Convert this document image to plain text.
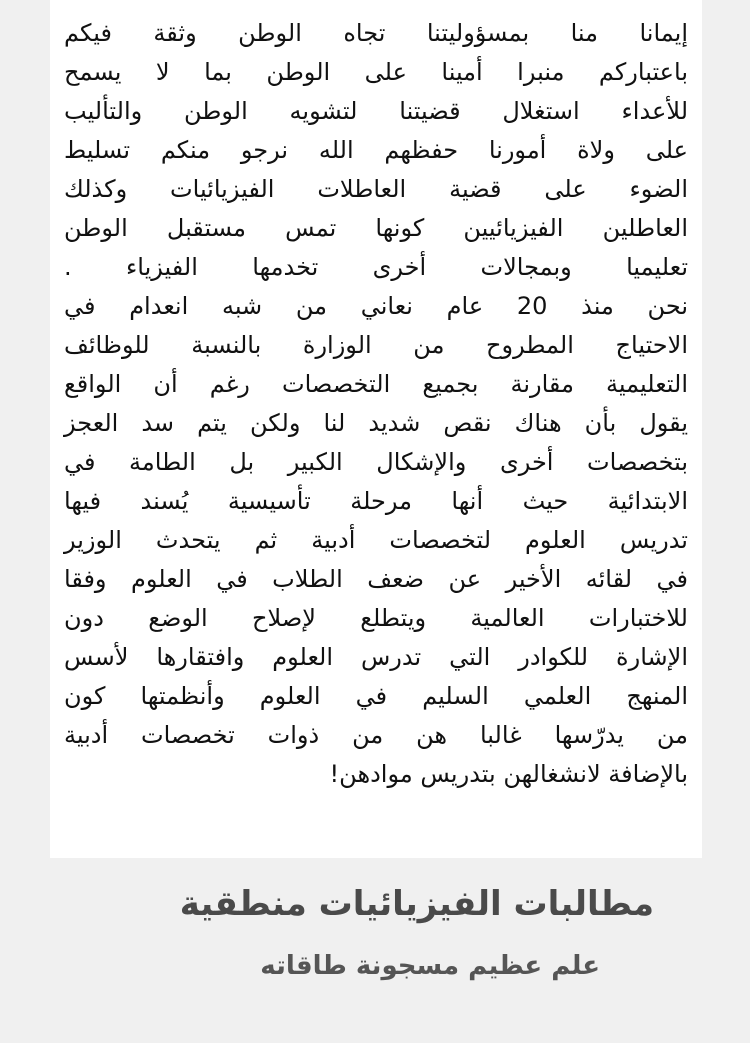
إيمانا منا بمسؤوليتنا تجاه الوطن وثقة فيكم
باعتباركم منبرا أمينا على الوطن بما لا يسمح
للأعداء استغلال قضيتنا لتشويه الوطن والتأليب
على ولاة أمورنا حفظهم الله نرجو منكم تسليط
الضوء على قضية العاطلات الفيزيائيات وكذلك
العاطلين الفيزيائيين كونها تمس مستقبل الوطن
تعليميا وبمجالات أخرى تخدمها الفيزياء .
نحن منذ 20 عام نعاني من شبه انعدام في
الاحتياج المطروح من الوزارة بالنسبة للوظائف
التعليمية مقارنة بجميع التخصصات رغم أن الواقع
يقول بأن هناك نقص شديد لنا ولكن يتم سد العجز
بتخصصات أخرى والإشكال الكبير بل الطامة في
الابتدائية حيث أنها مرحلة تأسيسية يُسند فيها
تدريس العلوم لتخصصات أدبية ثم يتحدث الوزير
في لقائه الأخير عن ضعف الطلاب في العلوم وفقا
للاختبارات العالمية ويتطلع لإصلاح الوضع دون
الإشارة للكوادر التي تدرس العلوم وافتقارها لأسس
المنهج العلمي السليم في العلوم وأنظمتها كون
من يدرّسها غالبا هن من ذوات تخصصات أدبية
بالإضافة لانشغالهن بتدريس موادهن!
مطالبات الفيزيائيات منطقية
علم عظيم مسجونة طاقاته
